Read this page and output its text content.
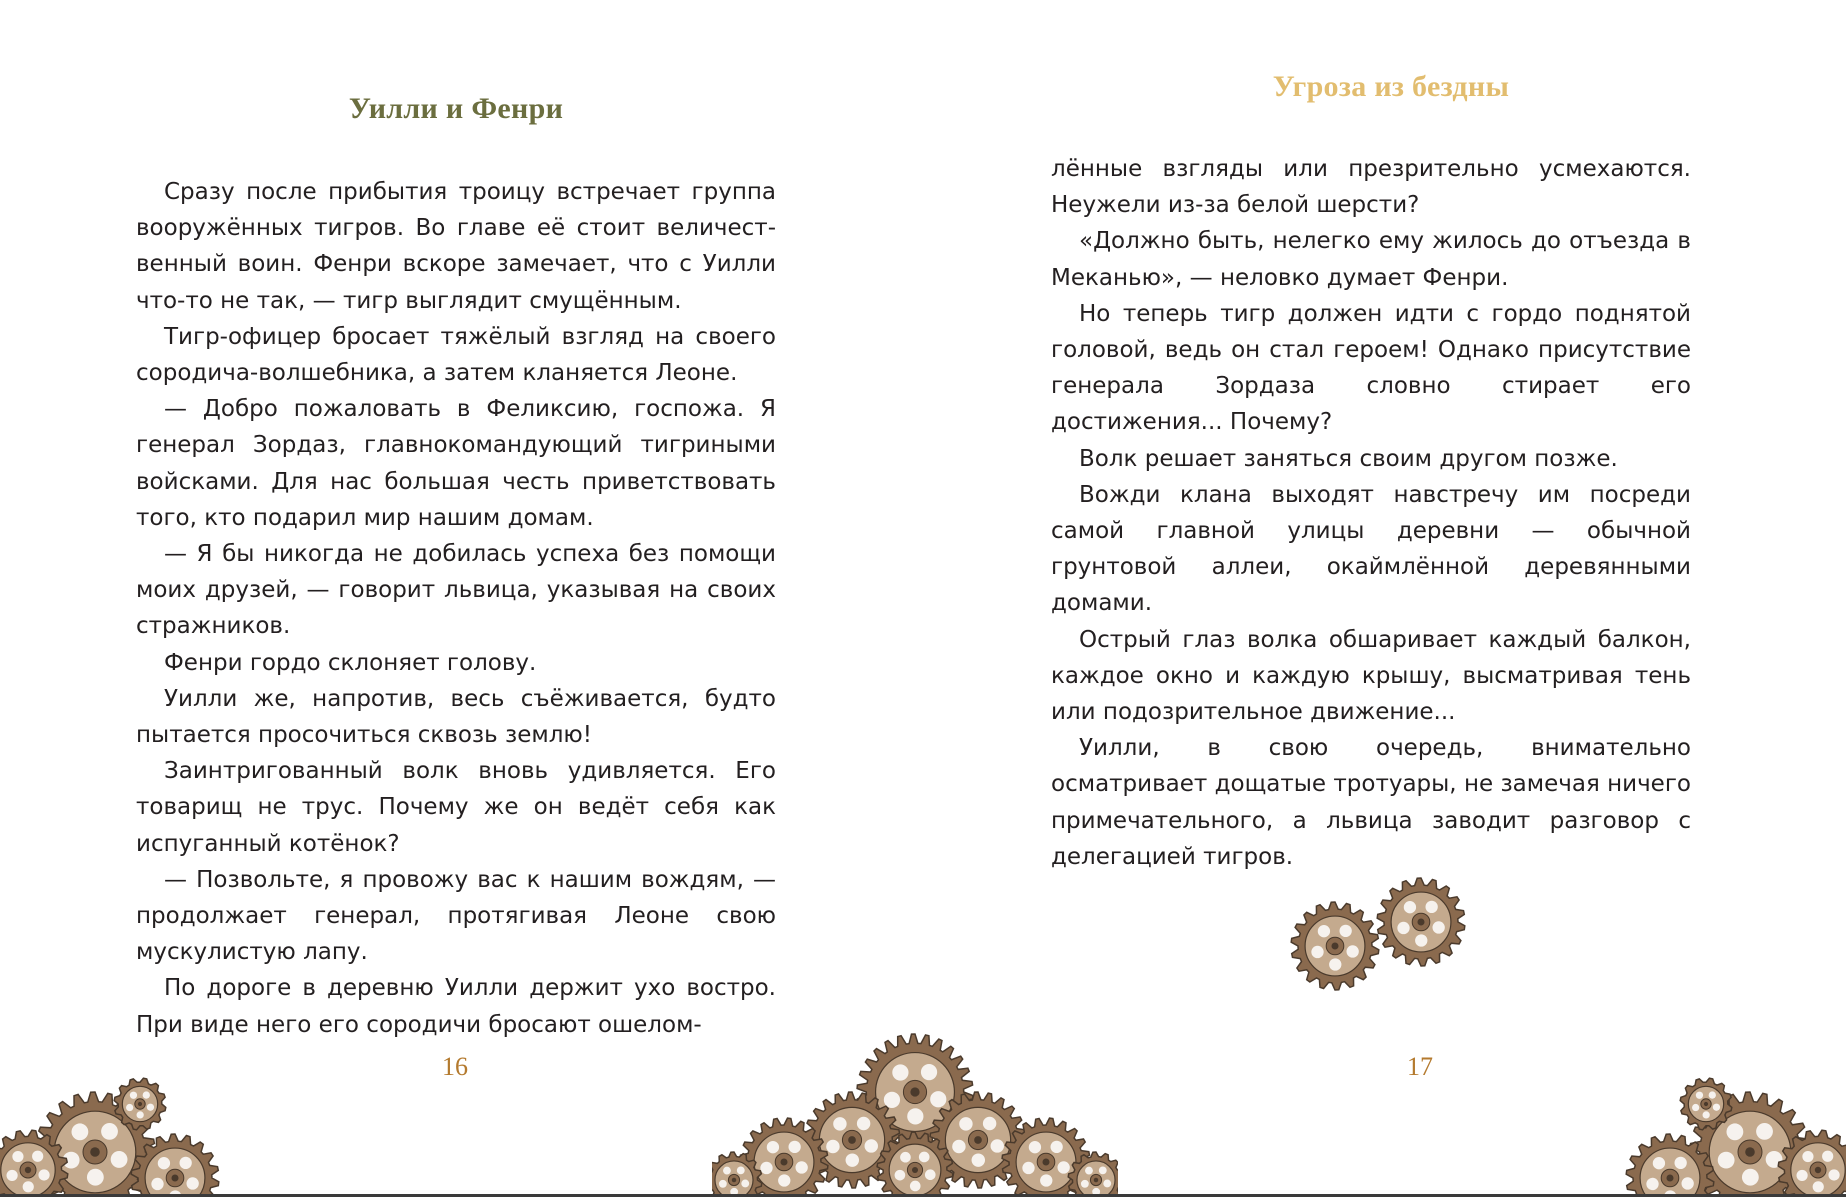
Уилли и Фенри

Сразу после прибытия троицу встречает группа вооружённых тигров. Во главе её стоит величественный воин. Фенри вскоре замечает, что с Уилли что-то не так, — тигр выглядит смущённым.

Тигр-офицер бросает тяжёлый взгляд на своего сородича-волшебника, а затем кланяется Леоне.

— Добро пожаловать в Феликсию, госпожа. Я генерал Зордаз, главнокомандующий тигриными войсками. Для нас большая честь приветствовать того, кто подарил мир нашим домам.

— Я бы никогда не добилась успеха без помощи моих друзей, — говорит львица, указывая на своих стражников.

Фенри гордо склоняет голову.

Уилли же, напротив, весь съёживается, будто пытается просочиться сквозь землю!

Заинтригованный волк вновь удивляется. Его товарищ не трус. Почему же он ведёт себя как испуганный котёнок?

— Позвольте, я провожу вас к нашим вождям, — продолжает генерал, протягивая Леоне свою мускулистую лапу.

По дороге в деревню Уилли держит ухо востро. При виде него его сородичи бросают ошелом-

16
Угроза из бездны

лённые взгляды или презрительно усмехаются. Неужели из-за белой шерсти?

«Должно быть, нелегко ему жилось до отъезда в Меканью», — неловко думает Фенри.

Но теперь тигр должен идти с гордо поднятой головой, ведь он стал героем! Однако присутствие генерала Зордаза словно стирает его достижения... Почему?

Волк решает заняться своим другом позже.

Вожди клана выходят навстречу им посреди самой главной улицы деревни — обычной грунтовой аллеи, окаймлённой деревянными домами.

Острый глаз волка обшаривает каждый балкон, каждое окно и каждую крышу, высматривая тень или подозрительное движение...

Уилли, в свою очередь, внимательно осматривает дощатые тротуары, не замечая ничего примечательного, а львица заводит разговор с делегацией тигров.

17
